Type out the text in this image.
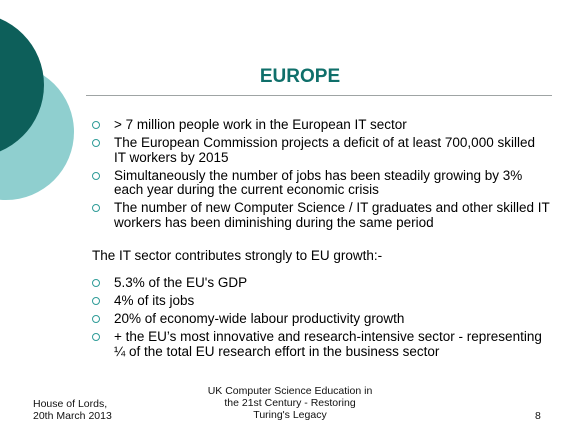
EUROPE
> 7 million people work in the European IT sector
The European Commission projects a deficit of at least 700,000 skilled IT workers by 2015
Simultaneously the number of jobs has been steadily growing by 3% each year during the current economic crisis
The number of new Computer Science / IT graduates and other skilled IT workers has been diminishing during the same period
The IT sector contributes strongly to EU growth:-
5.3% of the EU's GDP
4% of its jobs
20% of economy-wide labour productivity growth
+ the EU’s most innovative and research-intensive sector - representing ¼ of the total EU research effort in the business sector
House of Lords,
20th March 2013
UK Computer Science Education in
the 21st Century - Restoring
Turing's Legacy	8
